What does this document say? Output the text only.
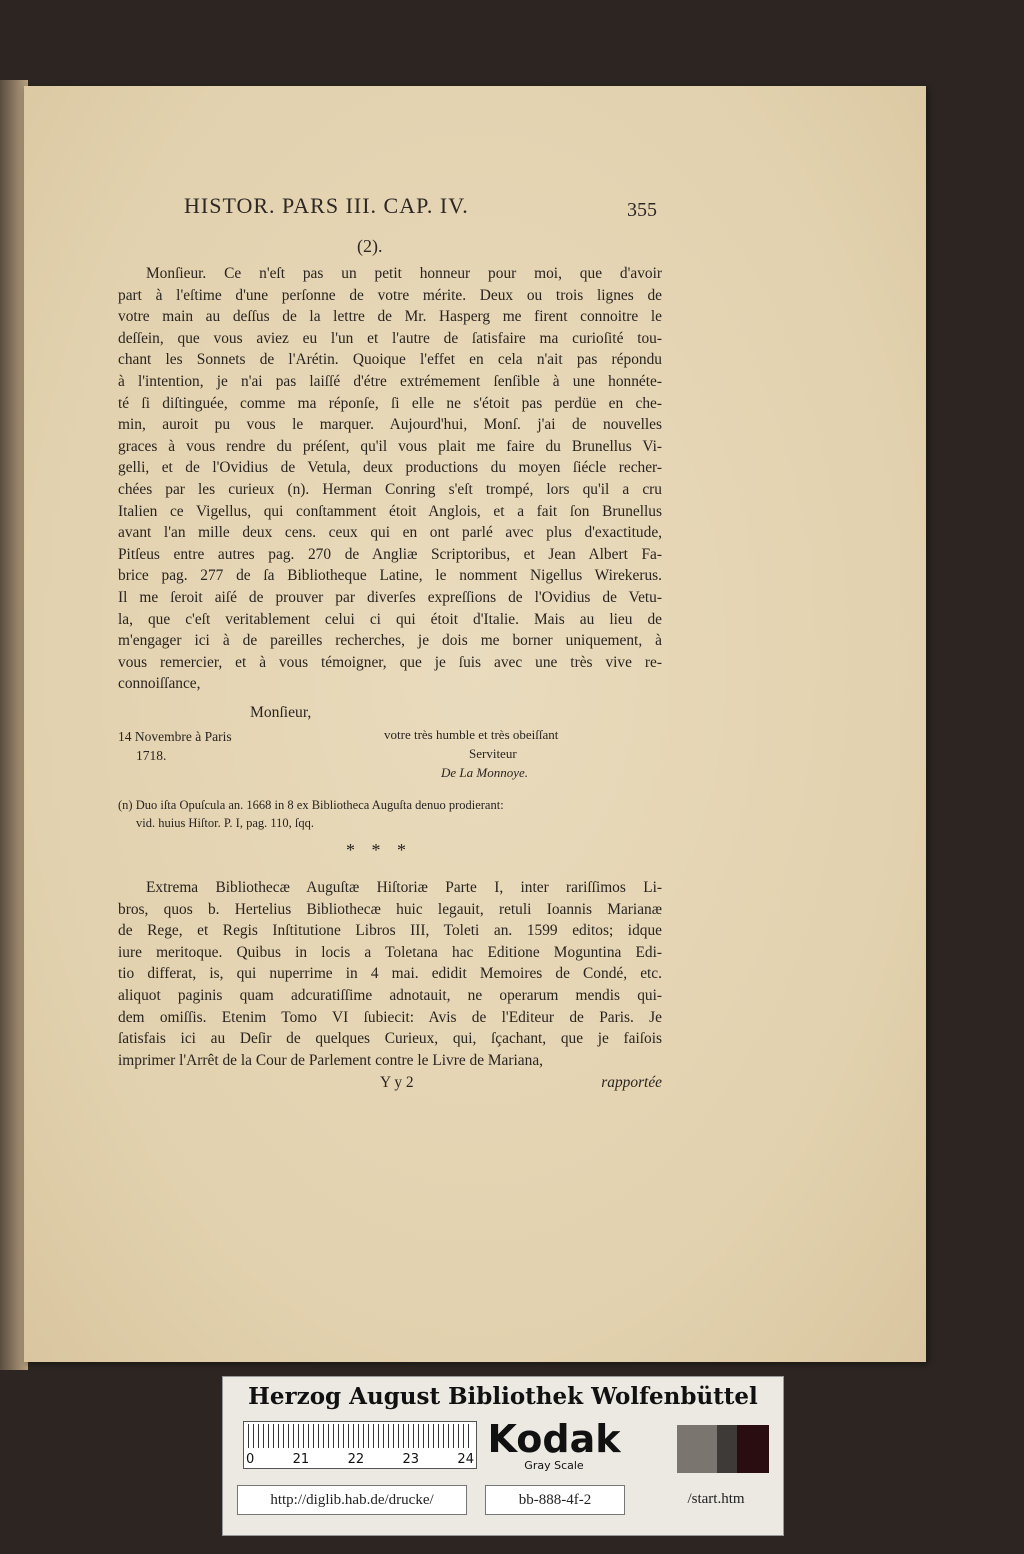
HISTOR. PARS III. CAP. IV.	355
(2).
Monſieur. Ce n'eſt pas un petit honneur pour moi, que d'avoir
part à l'eſtime d'une perſonne de votre mérite. Deux ou trois lignes de
votre main au deſſus de la lettre de Mr. Hasperg me firent connoitre le
deſſein, que vous aviez eu l'un et l'autre de ſatisfaire ma curioſité tou-
chant les Sonnets de l'Arétin. Quoique l'effet en cela n'ait pas répondu
à l'intention, je n'ai pas laiſſé d'étre extrémement ſenſible à une honnéte-
té ſi diſtinguée, comme ma réponſe, ſi elle ne s'étoit pas perdüe en che-
min, auroit pu vous le marquer. Aujourd'hui, Monſ. j'ai de nouvelles
graces à vous rendre du préſent, qu'il vous plait me faire du Brunellus Vi-
gelli, et de l'Ovidius de Vetula, deux productions du moyen ſiécle recher-
chées par les curieux (n). Herman Conring s'eſt trompé, lors qu'il a cru
Italien ce Vigellus, qui conſtamment étoit Anglois, et a fait ſon Brunellus
avant l'an mille deux cens. ceux qui en ont parlé avec plus d'exactitude,
Pitſeus entre autres pag. 270 de Angliæ Scriptoribus, et Jean Albert Fa-
brice pag. 277 de ſa Bibliotheque Latine, le nomment Nigellus Wirekerus.
Il me ſeroit aiſé de prouver par diverſes expreſſions de l'Ovidius de Vetu-
la, que c'eſt veritablement celui ci qui étoit d'Italie. Mais au lieu de
m'engager ici à de pareilles recherches, je dois me borner uniquement, à
vous remercier, et à vous témoigner, que je ſuis avec une très vive re-
connoiſſance,
Monſieur,
14 Novembre à Paris
1718.
votre très humble et très obeiſſant
Serviteur
De La Monnoye.
(n) Duo iſta Opuſcula an. 1668 in 8 ex Bibliotheca Auguſta denuo prodierant:
vid. huius Hiſtor. P. I, pag. 110, ſqq.
* * *
Extrema Bibliothecæ Auguſtæ Hiſtoriæ Parte I, inter rariſſimos Li-
bros, quos b. Hertelius Bibliothecæ huic legauit, retuli Ioannis Marianæ
de Rege, et Regis Inſtitutione Libros III, Toleti an. 1599 editos; idque
iure meritoque. Quibus in locis a Toletana hac Editione Moguntina Edi-
tio differat, is, qui nuperrime in 4 mai. edidit Memoires de Condé, etc.
aliquot paginis quam adcuratiſſime adnotauit, ne operarum mendis qui-
dem omiſſis. Etenim Tomo VI ſubiecit: Avis de l'Editeur de Paris. Je
ſatisfais ici au Deſir de quelques Curieux, qui, ſçachant, que je faiſois
imprimer l'Arrêt de la Cour de Parlement contre le Livre de Mariana,
Y y 2	rapportée
Herzog August Bibliothek Wolfenbüttel
0	21	22	23	24 Kodak
Gray Scale
http://diglib.hab.de/drucke/	bb-888-4f-2	/start.htm
